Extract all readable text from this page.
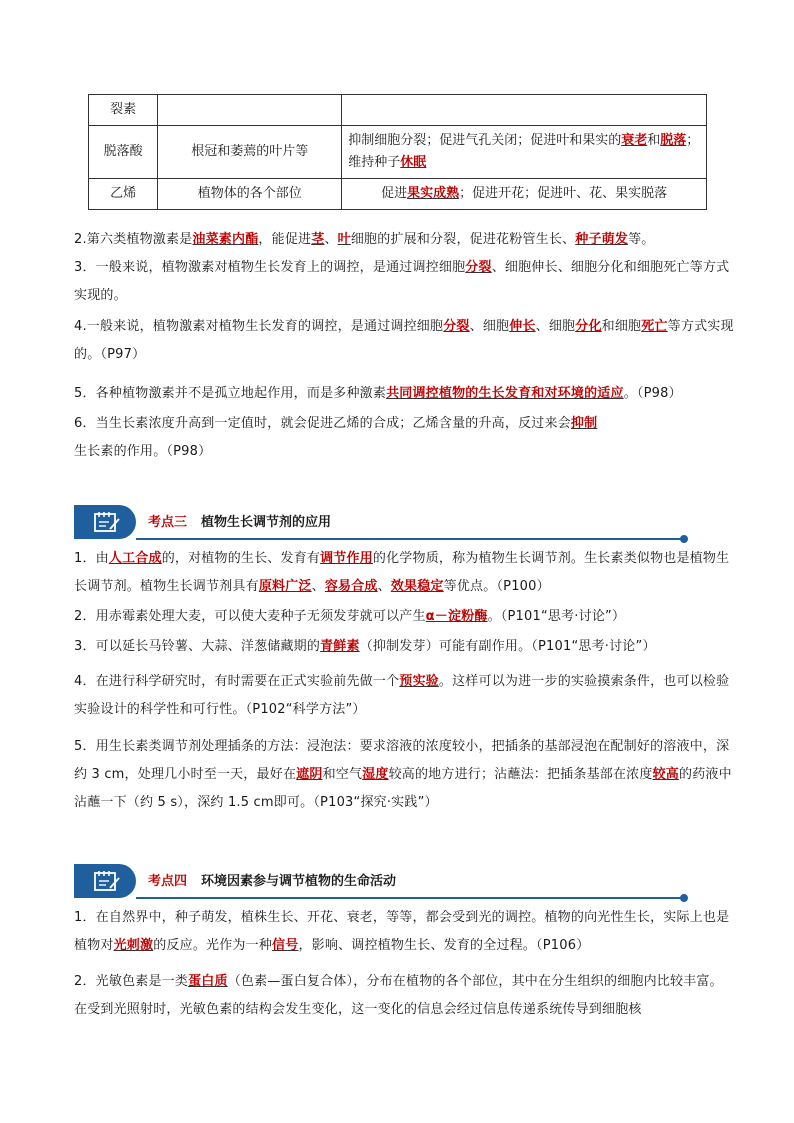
裂素		
脱落酸	根冠和萎蔫的叶片等	抑制细胞分裂；促进气孔关闭；促进叶和果实的衰老和脱落；维持种子休眠
乙烯	植物体的各个部位	促进果实成熟；促进开花；促进叶、花、果实脱落
2.第六类植物激素是油菜素内酯，能促进茎、叶细胞的扩展和分裂，促进花粉管生长、种子萌发等。
3．一般来说，植物激素对植物生长发育上的调控，是通过调控细胞分裂、细胞伸长、细胞分化和细胞死亡等方式实现的。
4.一般来说，植物激素对植物生长发育的调控，是通过调控细胞分裂、细胞伸长、细胞分化和细胞死亡等方式实现的。（P97）
5．各种植物激素并不是孤立地起作用，而是多种激素共同调控植物的生长发育和对环境的适应。（P98）
6．当生长素浓度升高到一定值时，就会促进乙烯的合成；乙烯含量的升高，反过来会抑制生长素的作用。（P98）
考点三 植物生长调节剂的应用
1．由人工合成的，对植物的生长、发育有调节作用的化学物质，称为植物生长调节剂。生长素类似物也是植物生长调节剂。植物生长调节剂具有原料广泛、容易合成、效果稳定等优点。（P100）
2．用赤霉素处理大麦，可以使大麦种子无须发芽就可以产生α－淀粉酶。（P101“思考·讨论”）
3．可以延长马铃薯、大蒜、洋葱储藏期的青鲜素（抑制发芽）可能有副作用。（P101“思考·讨论”）
4．在进行科学研究时，有时需要在正式实验前先做一个预实验。这样可以为进一步的实验摸索条件，也可以检验实验设计的科学性和可行性。（P102“科学方法”）
5．用生长素类调节剂处理插条的方法：浸泡法：要求溶液的浓度较小，把插条的基部浸泡在配制好的溶液中，深约 3 cm，处理几小时至一天，最好在遮阴和空气湿度较高的地方进行；沾蘸法：把插条基部在浓度较高的药液中沾蘸一下（约 5 s），深约 1.5 cm即可。（P103“探究·实践”）
考点四 环境因素参与调节植物的生命活动
1．在自然界中，种子萌发，植株生长、开花、衰老，等等，都会受到光的调控。植物的向光性生长，实际上也是植物对光刺激的反应。光作为一种信号，影响、调控植物生长、发育的全过程。（P106）
2．光敏色素是一类蛋白质（色素—蛋白复合体），分布在植物的各个部位，其中在分生组织的细胞内比较丰富。在受到光照射时，光敏色素的结构会发生变化，这一变化的信息会经过信息传递系统传导到细胞核
